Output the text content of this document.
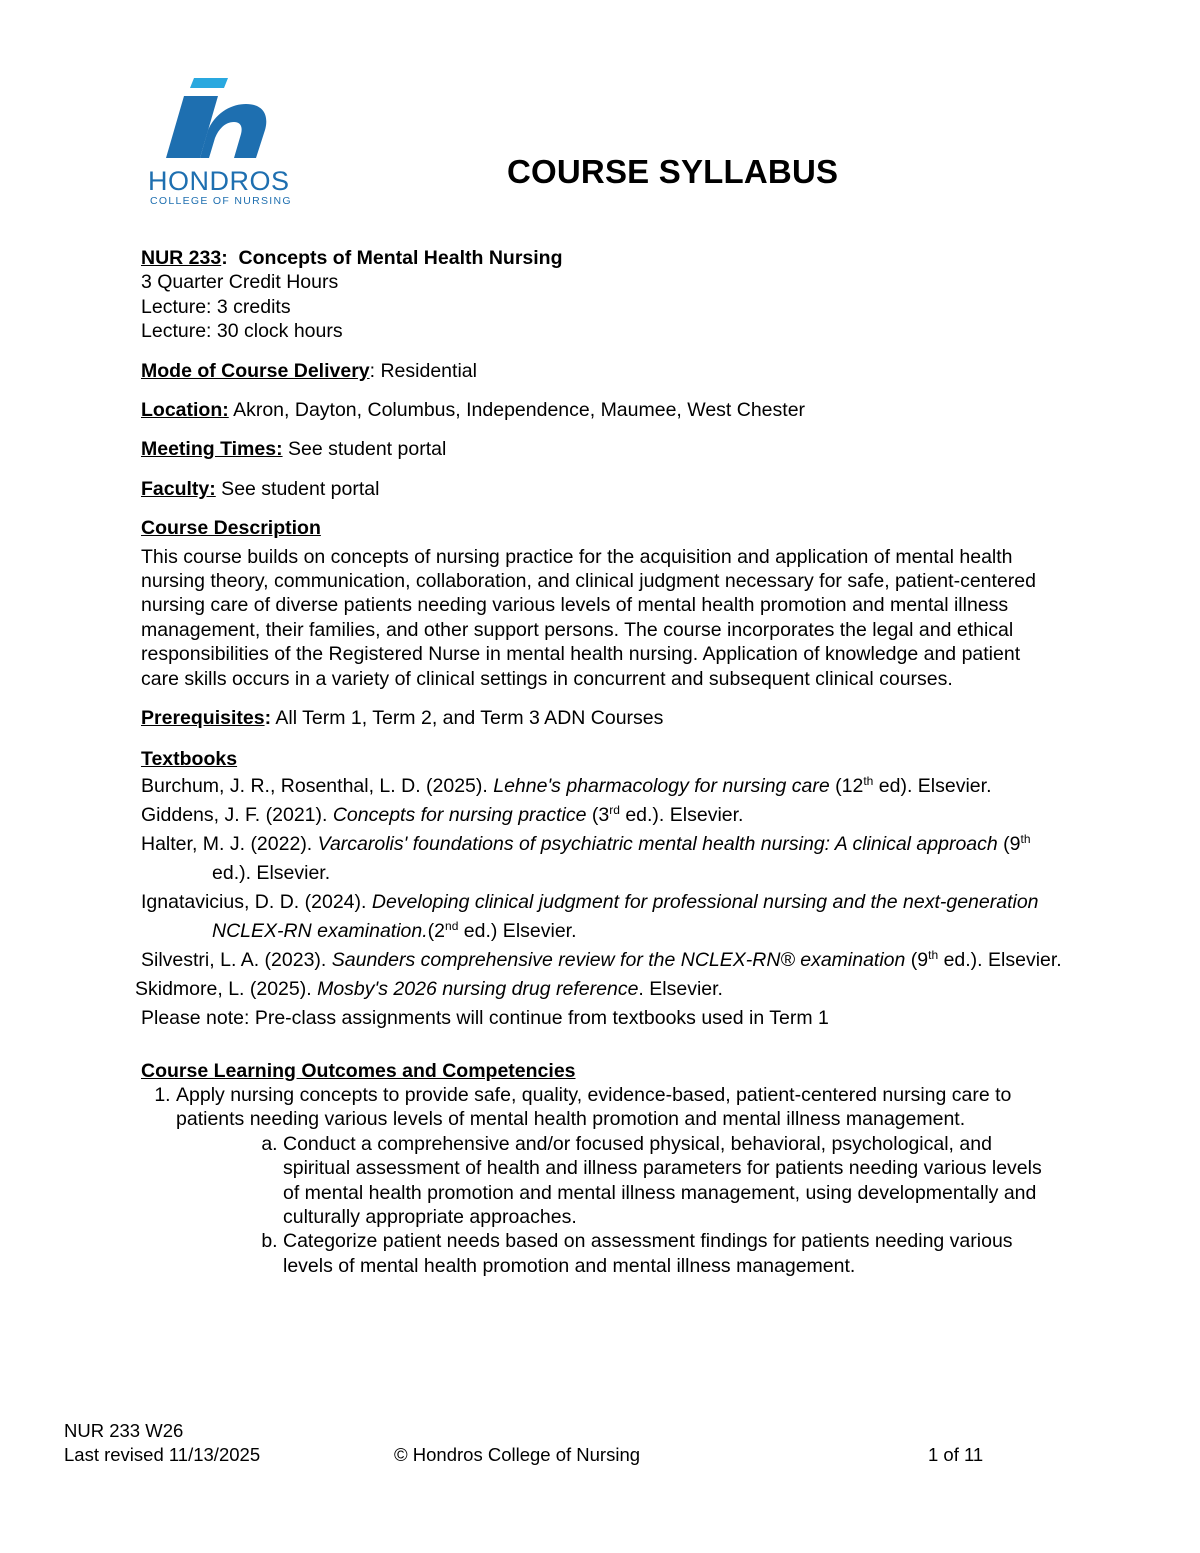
HONDROS
COLLEGE OF NURSING
COURSE SYLLABUS

NUR 233: Concepts of Mental Health Nursing

3 Quarter Credit Hours

Lecture: 3 credits

Lecture: 30 clock hours

Mode of Course Delivery: Residential

Location: Akron, Dayton, Columbus, Independence, Maumee, West Chester

Meeting Times: See student portal

Faculty: See student portal

Course Description

This course builds on concepts of nursing practice for the acquisition and application of mental health nursing theory, communication, collaboration, and clinical judgment necessary for safe, patient-centered nursing care of diverse patients needing various levels of mental health promotion and mental illness management, their families, and other support persons. The course incorporates the legal and ethical responsibilities of the Registered Nurse in mental health nursing. Application of knowledge and patient care skills occurs in a variety of clinical settings in concurrent and subsequent clinical courses.

Prerequisites: All Term 1, Term 2, and Term 3 ADN Courses

Textbooks

Burchum, J. R., Rosenthal, L. D. (2025). Lehne's pharmacology for nursing care (12th ed). Elsevier.

Giddens, J. F. (2021). Concepts for nursing practice (3rd ed.). Elsevier.

Halter, M. J. (2022). Varcarolis' foundations of psychiatric mental health nursing: A clinical approach (9th ed.). Elsevier.

Ignatavicius, D. D. (2024). Developing clinical judgment for professional nursing and the next-generation NCLEX-RN examination.(2nd ed.) Elsevier.

Silvestri, L. A. (2023). Saunders comprehensive review for the NCLEX-RN® examination (9th ed.). Elsevier.

Skidmore, L. (2025). Mosby's 2026 nursing drug reference. Elsevier.

Please note: Pre-class assignments will continue from textbooks used in Term 1

Course Learning Outcomes and Competencies

1. Apply nursing concepts to provide safe, quality, evidence-based, patient-centered nursing care to patients needing various levels of mental health promotion and mental illness management.
a. Conduct a comprehensive and/or focused physical, behavioral, psychological, and spiritual assessment of health and illness parameters for patients needing various levels of mental health promotion and mental illness management, using developmentally and culturally appropriate approaches.
b. Categorize patient needs based on assessment findings for patients needing various levels of mental health promotion and mental illness management.
NUR 233 W26
Last revised 11/13/2025	© Hondros College of Nursing	1 of 11
